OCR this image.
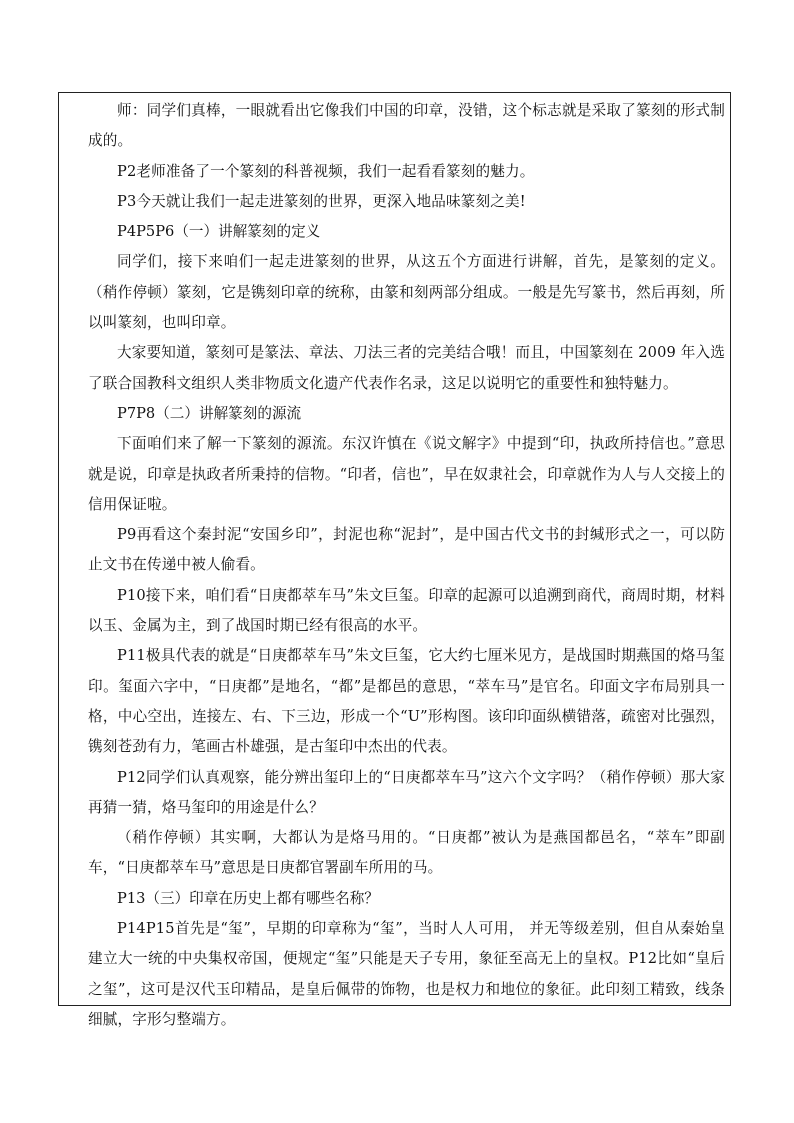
师：同学们真棒，一眼就看出它像我们中国的印章，没错，这个标志就是采取了篆刻的形式制成的。

P2老师准备了一个篆刻的科普视频，我们一起看看篆刻的魅力。

P3今天就让我们一起走进篆刻的世界，更深入地品味篆刻之美!

P4P5P6（一）讲解篆刻的定义

同学们，接下来咱们一起走进篆刻的世界，从这五个方面进行讲解，首先，是篆刻的定义。（稍作停顿）篆刻，它是镌刻印章的统称，由篆和刻两部分组成。一般是先写篆书，然后再刻，所以叫篆刻，也叫印章。

大家要知道，篆刻可是篆法、章法、刀法三者的完美结合哦！而且，中国篆刻在 2009 年入选了联合国教科文组织人类非物质文化遗产代表作名录，这足以说明它的重要性和独特魅力。

P7P8（二）讲解篆刻的源流

下面咱们来了解一下篆刻的源流。东汉许慎在《说文解字》中提到“印，执政所持信也。”意思就是说，印章是执政者所秉持的信物。“印者，信也”，早在奴隶社会，印章就作为人与人交接上的信用保证啦。

P9再看这个秦封泥“安国乡印”，封泥也称“泥封”，是中国古代文书的封缄形式之一，可以防止文书在传递中被人偷看。

P10接下来，咱们看“日庚都萃车马”朱文巨玺。印章的起源可以追溯到商代，商周时期，材料以玉、金属为主，到了战国时期已经有很高的水平。

P11极具代表的就是“日庚都萃车马”朱文巨玺，它大约七厘米见方，是战国时期燕国的烙马玺印。玺面六字中，“日庚都”是地名，“都”是都邑的意思，“萃车马”是官名。印面文字布局别具一格，中心空出，连接左、右、下三边，形成一个“U”形构图。该印印面纵横错落，疏密对比强烈，镌刻苍劲有力，笔画古朴雄强，是古玺印中杰出的代表。

P12同学们认真观察，能分辨出玺印上的“日庚都萃车马”这六个文字吗？（稍作停顿）那大家再猜一猜，烙马玺印的用途是什么？

（稍作停顿）其实啊，大都认为是烙马用的。“日庚都”被认为是燕国都邑名，“萃车”即副车，“日庚都萃车马”意思是日庚都官署副车所用的马。

P13（三）印章在历史上都有哪些名称？

P14P15首先是“玺”，早期的印章称为“玺”，当时人人可用， 并无等级差别，但自从秦始皇建立大一统的中央集权帝国，便规定“玺”只能是天子专用，象征至高无上的皇权。P12比如“皇后之玺”，这可是汉代玉印精品，是皇后佩带的饰物，也是权力和地位的象征。此印刻工精致，线条细腻，字形匀整端方。
